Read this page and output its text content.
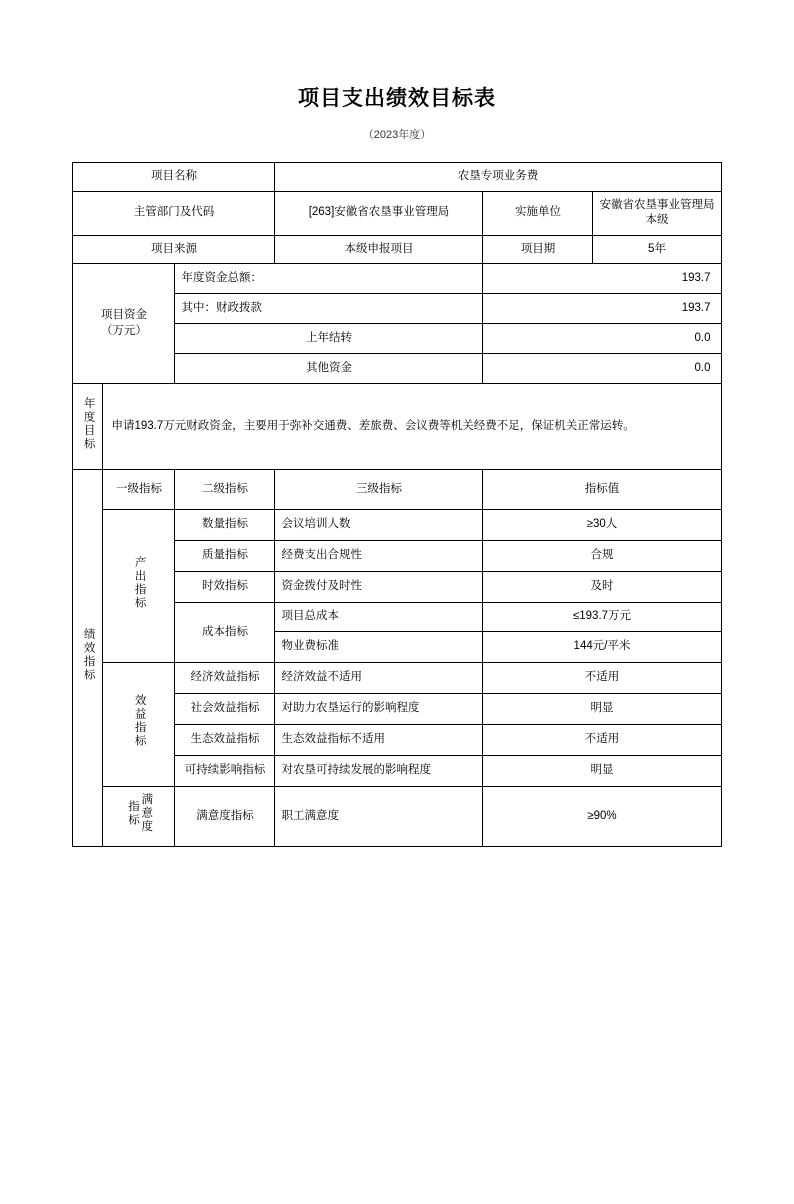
项目支出绩效目标表
（2023年度）
项目名称			农垦专项业务费		
主管部门及代码			[263]安徽省农垦事业管理局	实施单位	安徽省农垦事业管理局本级
项目来源			本级申报项目	项目期	5年

项目资金
（万元）		年度资金总额：		193.7	
		其中：财政拨款		193.7	
		上年结转		0.0	
		其他资金		0.0	
年度目标	申请193.7万元财政资金，主要用于弥补交通费、差旅费、会议费等机关经费不足，保证机关正常运转。				
绩效指标	一级指标	二级指标	三级指标	指标值	
	产出指标	数量指标	会议培训人数	≥30人	
		质量指标	经费支出合规性	合规	
		时效指标	资金拨付及时性	及时	
		成本指标	项目总成本	≤193.7万元	
			物业费标准	144元/平米	
	效益指标	经济效益指标	经济效益不适用	不适用	
		社会效益指标	对助力农垦运行的影响程度	明显	
		生态效益指标	生态效益指标不适用	不适用	
		可持续影响指标	对农垦可持续发展的影响程度	明显	
	满意度指标	满意度指标	职工满意度	≥90%	
